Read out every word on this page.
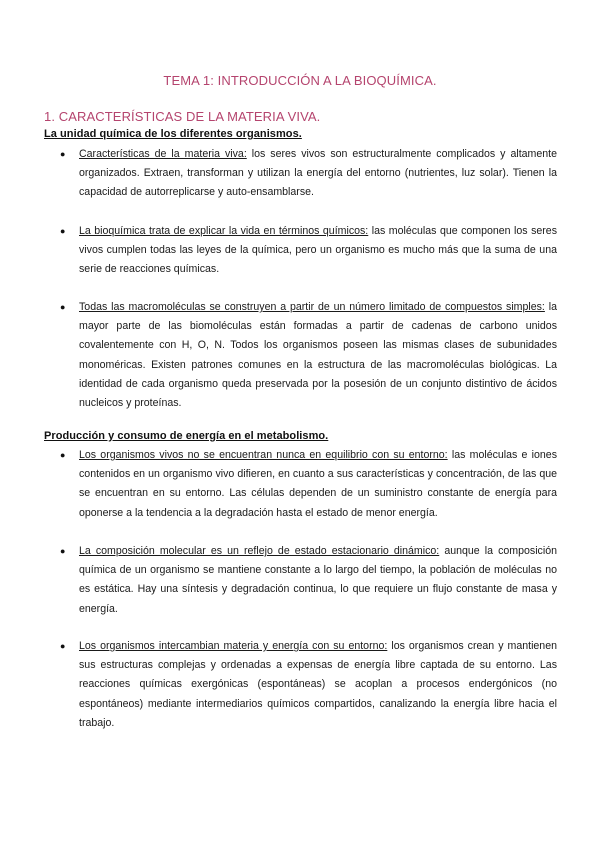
TEMA 1: INTRODUCCIÓN A LA BIOQUÍMICA.
1. CARACTERÍSTICAS DE LA MATERIA VIVA.
La unidad química de los diferentes organismos.
● Características de la materia viva: los seres vivos son estructuralmente complicados y altamente organizados. Extraen, transforman y utilizan la energía del entorno (nutrientes, luz solar). Tienen la capacidad de autorreplicarse y auto-ensamblarse.
● La bioquímica trata de explicar la vida en términos químicos: las moléculas que componen los seres vivos cumplen todas las leyes de la química, pero un organismo es mucho más que la suma de una serie de reacciones químicas.
● Todas las macromoléculas se construyen a partir de un número limitado de compuestos simples: la mayor parte de las biomoléculas están formadas a partir de cadenas de carbono unidos covalentemente con H, O, N. Todos los organismos poseen las mismas clases de subunidades monoméricas. Existen patrones comunes en la estructura de las macromoléculas biológicas. La identidad de cada organismo queda preservada por la posesión de un conjunto distintivo de ácidos nucleicos y proteínas.
Producción y consumo de energía en el metabolismo.
● Los organismos vivos no se encuentran nunca en equilibrio con su entorno: las moléculas e iones contenidos en un organismo vivo difieren, en cuanto a sus características y concentración, de las que se encuentran en su entorno. Las células dependen de un suministro constante de energía para oponerse a la tendencia a la degradación hasta el estado de menor energía.
● La composición molecular es un reflejo de estado estacionario dinámico: aunque la composición química de un organismo se mantiene constante a lo largo del tiempo, la población de moléculas no es estática. Hay una síntesis y degradación continua, lo que requiere un flujo constante de masa y energía.
● Los organismos intercambian materia y energía con su entorno: los organismos crean y mantienen sus estructuras complejas y ordenadas a expensas de energía libre captada de su entorno. Las reacciones químicas exergónicas (espontáneas) se acoplan a procesos endergónicos (no espontáneos) mediante intermediarios químicos compartidos, canalizando la energía libre hacia el trabajo.
